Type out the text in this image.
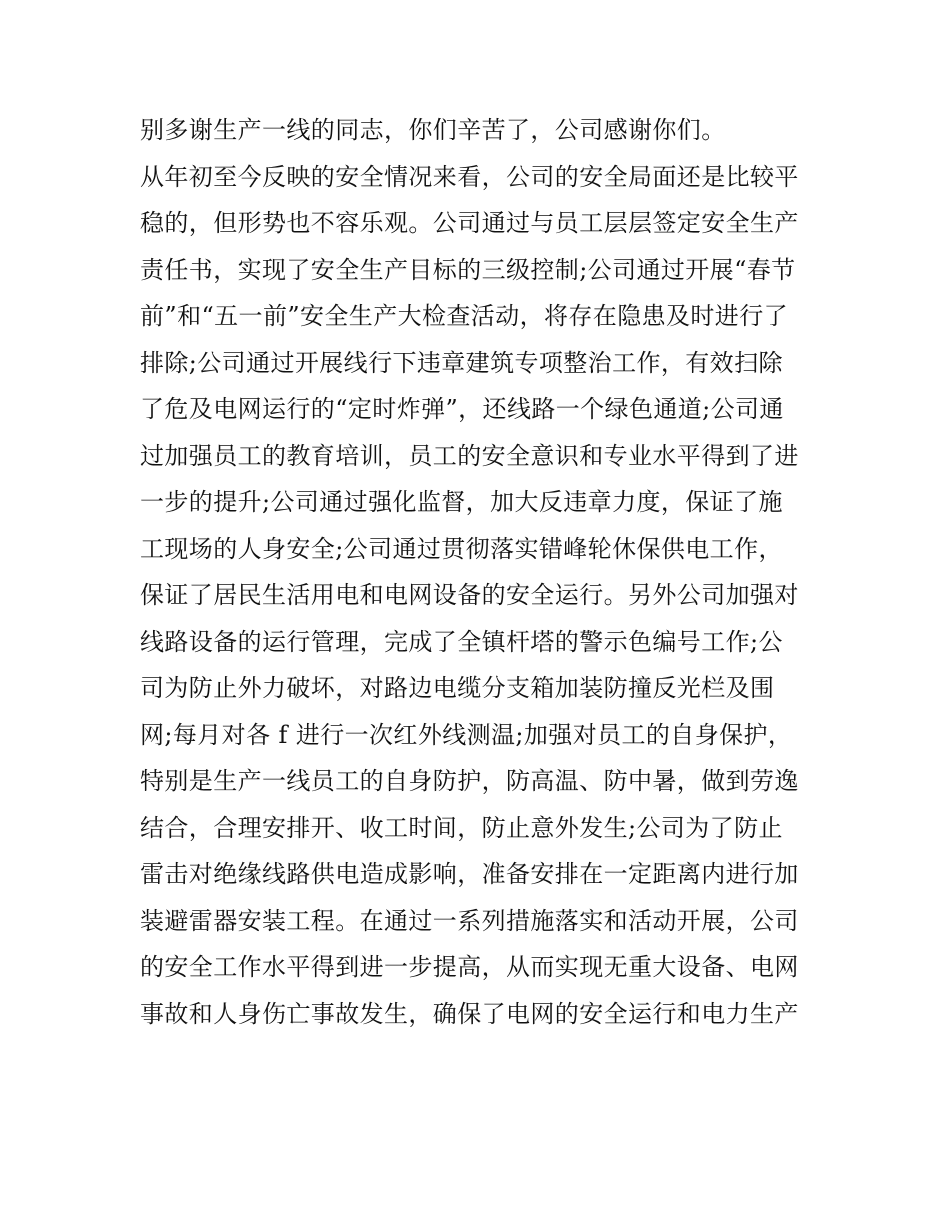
别多谢生产一线的同志，你们辛苦了，公司感谢你们。
从年初至今反映的安全情况来看，公司的安全局面还是比较平
稳的，但形势也不容乐观。公司通过与员工层层签定安全生产
责任书，实现了安全生产目标的三级控制;公司通过开展“春节
前”和“五一前”安全生产大检查活动，将存在隐患及时进行了
排除;公司通过开展线行下违章建筑专项整治工作，有效扫除
了危及电网运行的“定时炸弹”，还线路一个绿色通道;公司通
过加强员工的教育培训，员工的安全意识和专业水平得到了进
一步的提升;公司通过强化监督，加大反违章力度，保证了施
工现场的人身安全;公司通过贯彻落实错峰轮休保供电工作，
保证了居民生活用电和电网设备的安全运行。另外公司加强对
线路设备的运行管理，完成了全镇杆塔的警示色编号工作;公
司为防止外力破坏，对路边电缆分支箱加装防撞反光栏及围
网;每月对各 f 进行一次红外线测温;加强对员工的自身保护，
特别是生产一线员工的自身防护，防高温、防中暑，做到劳逸
结合，合理安排开、收工时间，防止意外发生;公司为了防止
雷击对绝缘线路供电造成影响，准备安排在一定距离内进行加
装避雷器安装工程。在通过一系列措施落实和活动开展，公司
的安全工作水平得到进一步提高，从而实现无重大设备、电网
事故和人身伤亡事故发生，确保了电网的安全运行和电力生产
